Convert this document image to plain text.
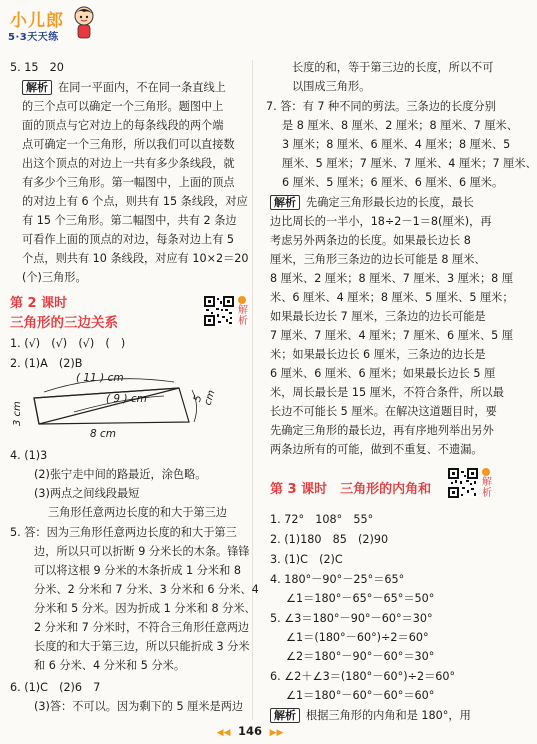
小儿郎
5·3天天练
5. 15　20
解析 在同一平面内，不在同一条直线上
的三个点可以确定一个三角形。题图中上
面的顶点与它对边上的每条线段的两个端
点可确定一个三角形，所以我们可以直接数
出这个顶点的对边上一共有多少条线段，就
有多少个三角形。第一幅图中，上面的顶点
的对边上有 6 个点，则共有 15 条线段，对应
有 15 个三角形。第二幅图中，共有 2 条边
可看作上面的顶点的对边，每条对边上有 5
个点，则共有 10 条线段，对应有 10×2＝20
(个)三角形。
第 2 课时
三角形的三边关系
解
析
1. (√)　(√)　(√)　(　)
2. (1)A　(2)B
( 11 ) cm
( 9 ) cm	5 cm
3 cm
8 cm
4. (1)3
(2)张宁走中间的路最近，涂色略。
(3)两点之间线段最短
三角形任意两边长度的和大于第三边
5. 答：因为三角形任意两边长度的和大于第三
边，所以只可以折断 9 分米长的木条。锋锋
可以将这根 9 分米的木条折成 1 分米和 8
分米、2 分米和 7 分米、3 分米和 6 分米、4
分米和 5 分米。因为折成 1 分米和 8 分米、
2 分米和 7 分米时，不符合三角形任意两边
长度的和大于第三边，所以只能折成 3 分米
和 6 分米、4 分米和 5 分米。
6. (1)C　(2)6　7
(3)答：不可以。因为剩下的 5 厘米是两边
长度的和，等于第三边的长度，所以不可
以围成三角形。
7. 答：有 7 种不同的剪法。三条边的长度分别
是 8 厘米、8 厘米、2 厘米；8 厘米、7 厘米、
3 厘米；8 厘米、6 厘米、4 厘米；8 厘米、5
厘米、5 厘米；7 厘米、7 厘米、4 厘米；7 厘米、
6 厘米、5 厘米；6 厘米、6 厘米、6 厘米。
解析 先确定三角形最长边的长度，最长
边比周长的一半小，18÷2－1＝8(厘米)，再
考虑另外两条边的长度。如果最长边长 8
厘米，三角形三条边的边长可能是 8 厘米、
8 厘米、2 厘米；8 厘米、7 厘米、3 厘米；8 厘
米、6 厘米、4 厘米；8 厘米、5 厘米、5 厘米；
如果最长边长 7 厘米，三条边的边长可能是
7 厘米、7 厘米、4 厘米；7 厘米、6 厘米、5 厘
米；如果最长边长 6 厘米，三条边的边长是
6 厘米、6 厘米、6 厘米；如果最长边长 5 厘
米，周长最长是 15 厘米，不符合条件，所以最
长边不可能长 5 厘米。在解决这道题目时，要
先确定三角形的最长边，再有序地列举出另外
两条边所有的可能，做到不重复、不遗漏。
第 3 课时　 三角形的内角和	解
析
1. 72°　108°　55°
2. (1)180　85　(2)90
3. (1)C　(2)C
4. 180°－90°－25°＝65°
∠1＝180°－65°－65°＝50°
5. ∠3＝180°－90°－60°＝30°
∠1＝(180°－60°)÷2＝60°
∠2＝180°－90°－60°＝30°
6. ∠2＋∠3＝(180°－60°)÷2＝60°
∠1＝180°－60°－60°＝60°
解析 根据三角形的内角和是 180°，用
◀◀ 146 ▶▶
